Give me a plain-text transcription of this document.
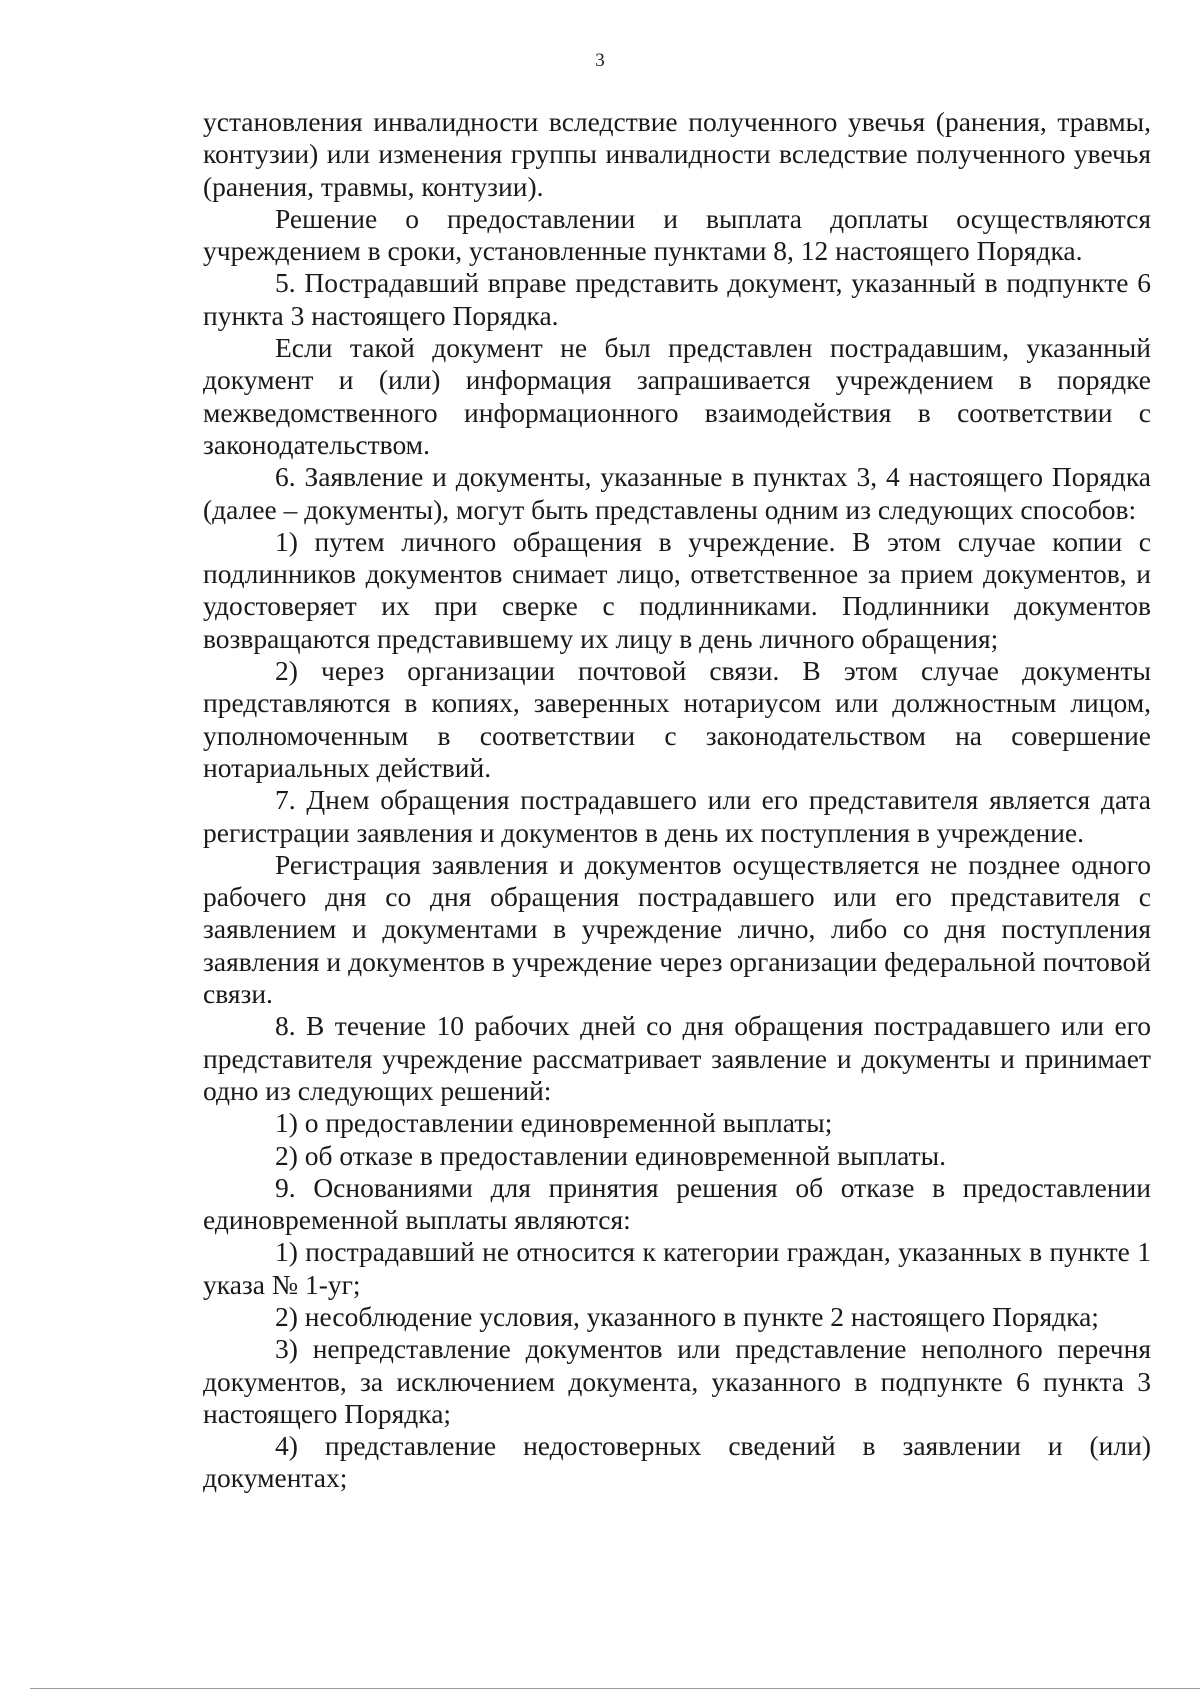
3

установления инвалидности вследствие полученного увечья (ранения, травмы, контузии) или изменения группы инвалидности вследствие полученного увечья (ранения, травмы, контузии).

Решение о предоставлении и выплата доплаты осуществляются учреждением в сроки, установленные пунктами 8, 12 настоящего Порядка.

5. Пострадавший вправе представить документ, указанный в подпункте 6 пункта 3 настоящего Порядка.

Если такой документ не был представлен пострадавшим, указанный документ и (или) информация запрашивается учреждением в порядке межведомственного информационного взаимодействия в соответствии с законодательством.

6. Заявление и документы, указанные в пунктах 3, 4 настоящего Порядка (далее – документы), могут быть представлены одним из следующих способов:

1) путем личного обращения в учреждение. В этом случае копии с подлинников документов снимает лицо, ответственное за прием документов, и удостоверяет их при сверке с подлинниками. Подлинники документов возвращаются представившему их лицу в день личного обращения;

2) через организации почтовой связи. В этом случае документы представляются в копиях, заверенных нотариусом или должностным лицом, уполномоченным в соответствии с законодательством на совершение нотариальных действий.

7. Днем обращения пострадавшего или его представителя является дата регистрации заявления и документов в день их поступления в учреждение.

Регистрация заявления и документов осуществляется не позднее одного рабочего дня со дня обращения пострадавшего или его представителя с заявлением и документами в учреждение лично, либо со дня поступления заявления и документов в учреждение через организации федеральной почтовой связи.

8. В течение 10 рабочих дней со дня обращения пострадавшего или его представителя учреждение рассматривает заявление и документы и принимает одно из следующих решений:

1) о предоставлении единовременной выплаты;

2) об отказе в предоставлении единовременной выплаты.

9. Основаниями для принятия решения об отказе в предоставлении единовременной выплаты являются:

1) пострадавший не относится к категории граждан, указанных в пункте 1 указа № 1-уг;

2) несоблюдение условия, указанного в пункте 2 настоящего Порядка;

3) непредставление документов или представление неполного перечня документов, за исключением документа, указанного в подпункте 6 пункта 3 настоящего Порядка;

4) представление недостоверных сведений в заявлении и (или) документах;
